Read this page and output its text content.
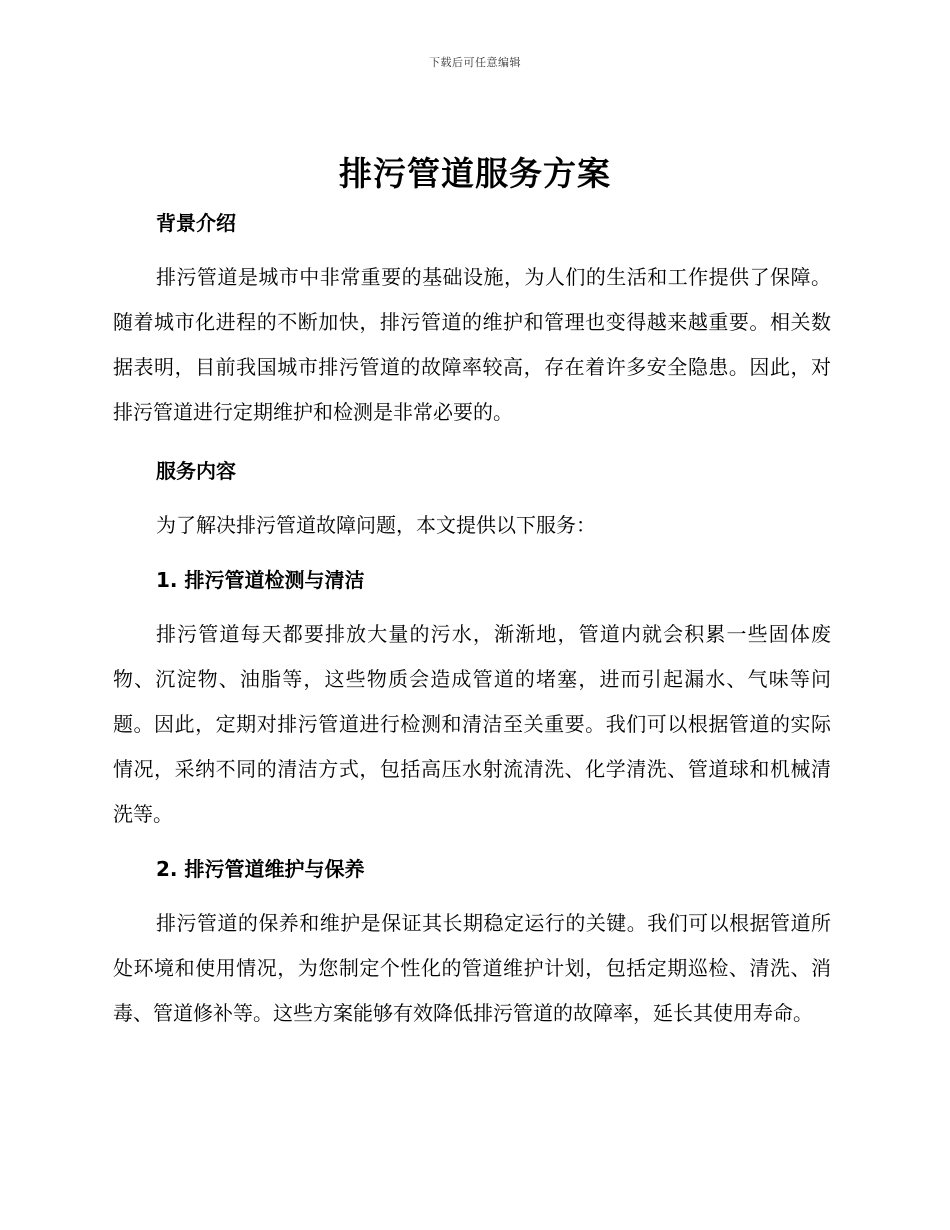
下载后可任意编辑
排污管道服务方案
背景介绍

排污管道是城市中非常重要的基础设施，为人们的生活和工作提供了保障。随着城市化进程的不断加快，排污管道的维护和管理也变得越来越重要。相关数据表明，目前我国城市排污管道的故障率较高，存在着许多安全隐患。因此，对排污管道进行定期维护和检测是非常必要的。

服务内容

为了解决排污管道故障问题，本文提供以下服务：

1. 排污管道检测与清洁

排污管道每天都要排放大量的污水，渐渐地，管道内就会积累一些固体废物、沉淀物、油脂等，这些物质会造成管道的堵塞，进而引起漏水、气味等问题。因此，定期对排污管道进行检测和清洁至关重要。我们可以根据管道的实际情况，采纳不同的清洁方式，包括高压水射流清洗、化学清洗、管道球和机械清洗等。

2. 排污管道维护与保养

排污管道的保养和维护是保证其长期稳定运行的关键。我们可以根据管道所处环境和使用情况，为您制定个性化的管道维护计划，包括定期巡检、清洗、消毒、管道修补等。这些方案能够有效降低排污管道的故障率，延长其使用寿命。
